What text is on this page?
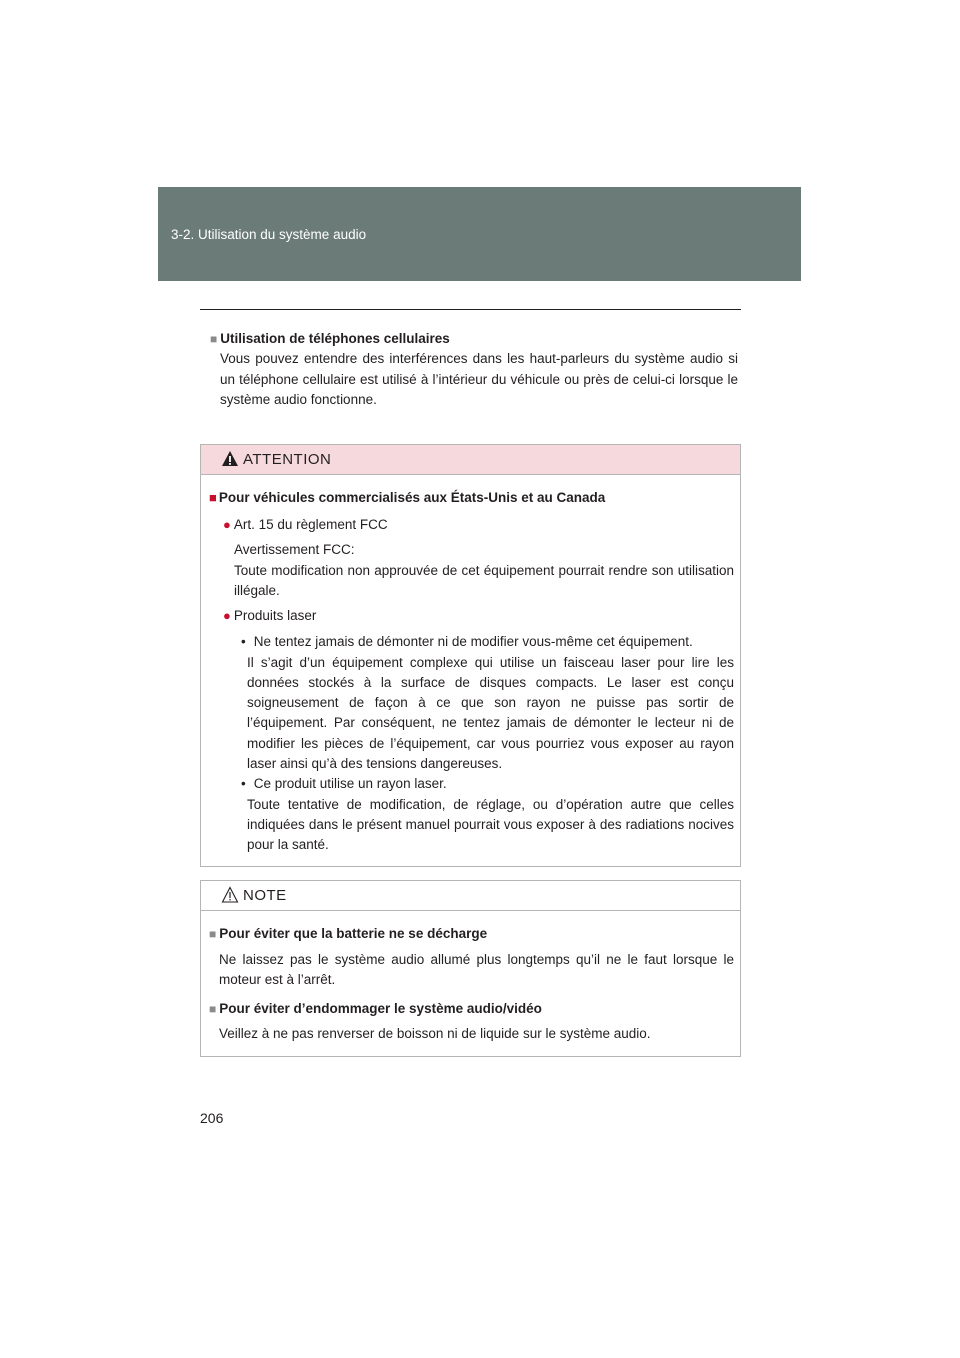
3-2. Utilisation du système audio
■ Utilisation de téléphones cellulaires
Vous pouvez entendre des interférences dans les haut-parleurs du système audio si un téléphone cellulaire est utilisé à l’intérieur du véhicule ou près de celui-ci lorsque le système audio fonctionne.
ATTENTION
■ Pour véhicules commercialisés aux États-Unis et au Canada
● Art. 15 du règlement FCC
Avertissement FCC:
Toute modification non approuvée de cet équipement pourrait rendre son utilisation illégale.
● Produits laser
• Ne tentez jamais de démonter ni de modifier vous-même cet équipement.
Il s’agit d’un équipement complexe qui utilise un faisceau laser pour lire les données stockés à la surface de disques compacts. Le laser est conçu soigneusement de façon à ce que son rayon ne puisse pas sortir de l’équipement. Par conséquent, ne tentez jamais de démonter le lecteur ni de modifier les pièces de l’équipement, car vous pourriez vous exposer au rayon laser ainsi qu’à des tensions dangereuses.
• Ce produit utilise un rayon laser.
Toute tentative de modification, de réglage, ou d’opération autre que celles indiquées dans le présent manuel pourrait vous exposer à des radiations nocives pour la santé.
NOTE
■ Pour éviter que la batterie ne se décharge
Ne laissez pas le système audio allumé plus longtemps qu’il ne le faut lorsque le moteur est à l’arrêt.
■ Pour éviter d’endommager le système audio/vidéo
Veillez à ne pas renverser de boisson ni de liquide sur le système audio.
206
